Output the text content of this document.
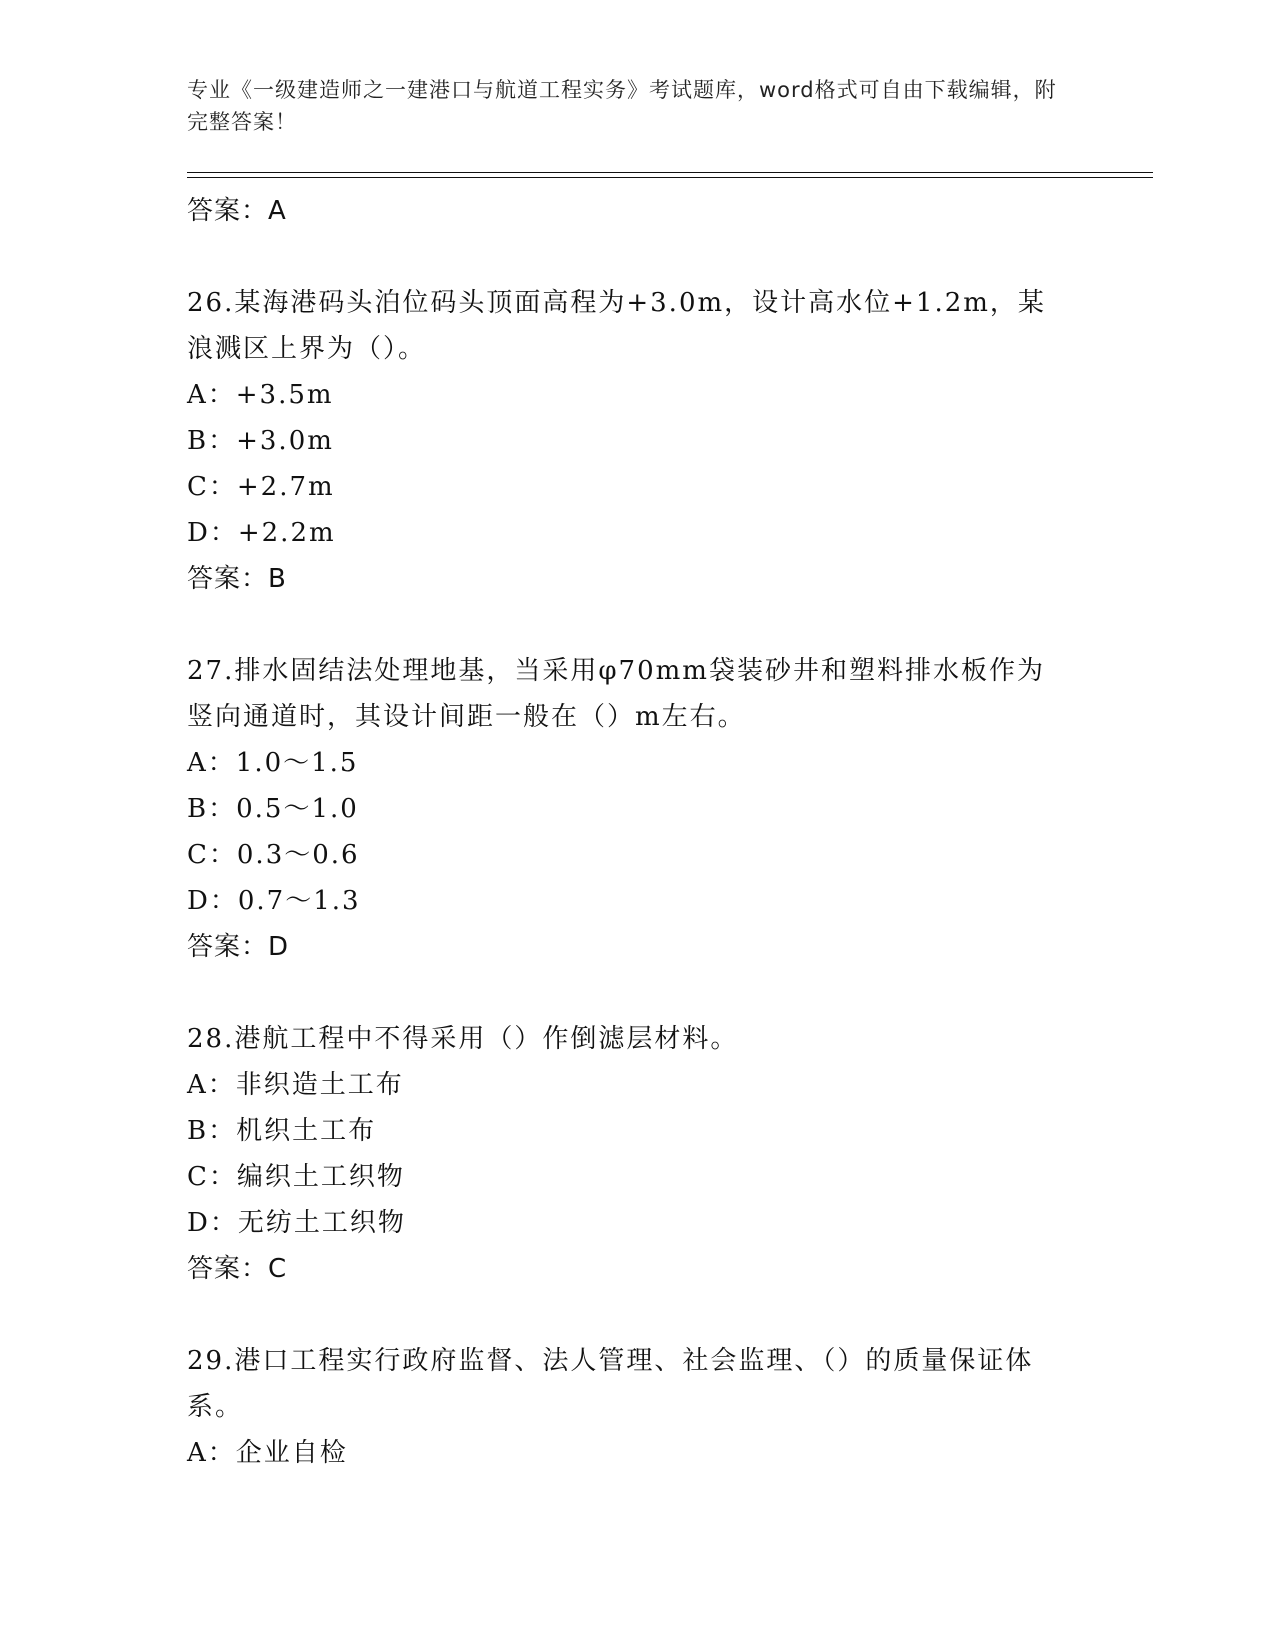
专业《一级建造师之一建港口与航道工程实务》考试题库，word格式可自由下载编辑，附完整答案！
答案：A
26.某海港码头泊位码头顶面高程为+3.0m，设计高水位+1.2m，某浪溅区上界为（）。
A：+3.5m
B：+3.0m
C：+2.7m
D：+2.2m
答案：B
27.排水固结法处理地基，当采用φ70mm袋装砂井和塑料排水板作为竖向通道时，其设计间距一般在（）m左右。
A：1.0～1.5
B：0.5～1.0
C：0.3～0.6
D：0.7～1.3
答案：D
28.港航工程中不得采用（）作倒滤层材料。
A：非织造土工布
B：机织土工布
C：编织土工织物
D：无纺土工织物
答案：C
29.港口工程实行政府监督、法人管理、社会监理、（）的质量保证体系。
A：企业自检
